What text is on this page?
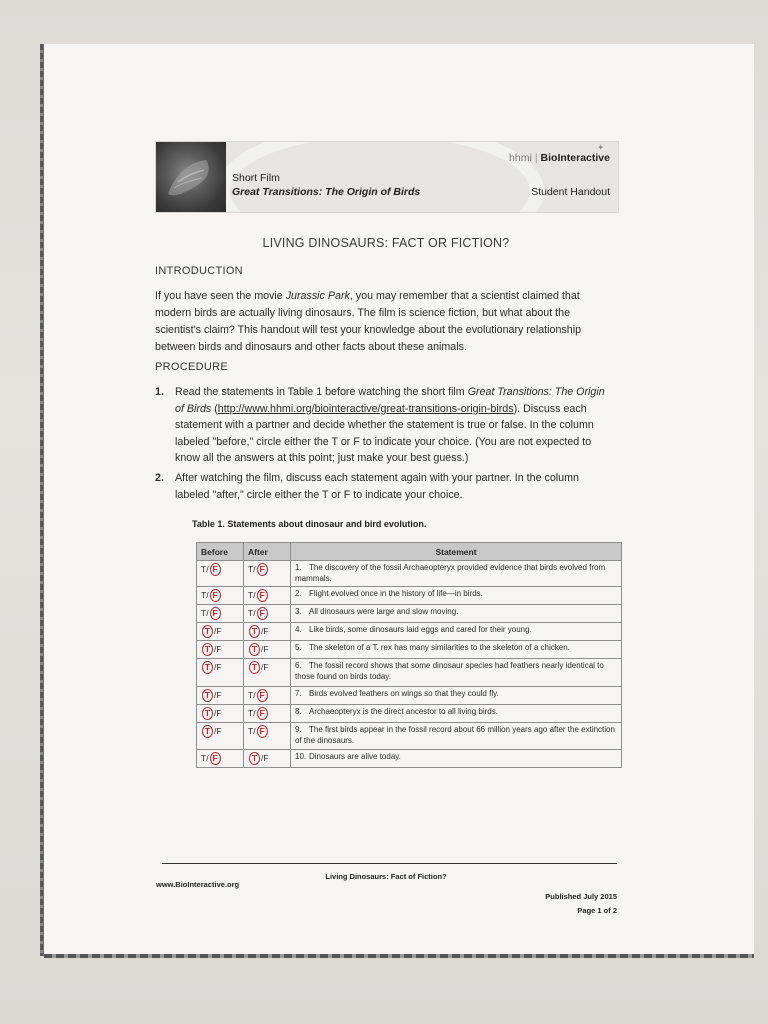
Short Film
Great Transitions: The Origin of Birds
✦
hhmi | BioInteractive
Student Handout
LIVING DINOSAURS: FACT OR FICTION?
INTRODUCTION
If you have seen the movie Jurassic Park, you may remember that a scientist claimed that modern birds are actually living dinosaurs. The film is science fiction, but what about the scientist's claim? This handout will test your knowledge about the evolutionary relationship between birds and dinosaurs and other facts about these animals.
PROCEDURE
1. Read the statements in Table 1 before watching the short film Great Transitions: The Origin of Birds (http://www.hhmi.org/biointeractive/great-transitions-origin-birds). Discuss each statement with a partner and decide whether the statement is true or false. In the column labeled "before," circle either the T or F to indicate your choice. (You are not expected to know all the answers at this point; just make your best guess.)
2. After watching the film, discuss each statement again with your partner. In the column labeled "after," circle either the T or F to indicate your choice.
Table 1. Statements about dinosaur and bird evolution.
Before	After	Statement
T/ F	T/ F	1. The discovery of the fossil Archaeopteryx provided evidence that birds evolved from mammals.
T/ F	T/ F	2. Flight evolved once in the history of life—in birds.
T/ F	T/ F	3. All dinosaurs were large and slow moving.
T /F	T /F	4. Like birds, some dinosaurs laid eggs and cared for their young.
T /F	T /F	5. The skeleton of a T. rex has many similarities to the skeleton of a chicken.
T /F	T /F	6. The fossil record shows that some dinosaur species had feathers nearly identical to those found on birds today.
T /F	T/ F	7. Birds evolved feathers on wings so that they could fly.
T /F	T/ F	8. Archaeopteryx is the direct ancestor to all living birds.
T /F	T/ F	9. The first birds appear in the fossil record about 66 million years ago after the extinction of the dinosaurs.
T/ F	T /F	10. Dinosaurs are alive today.
Living Dinosaurs: Fact of Fiction?
www.BioInteractive.org
Published July 2015
Page 1 of 2
